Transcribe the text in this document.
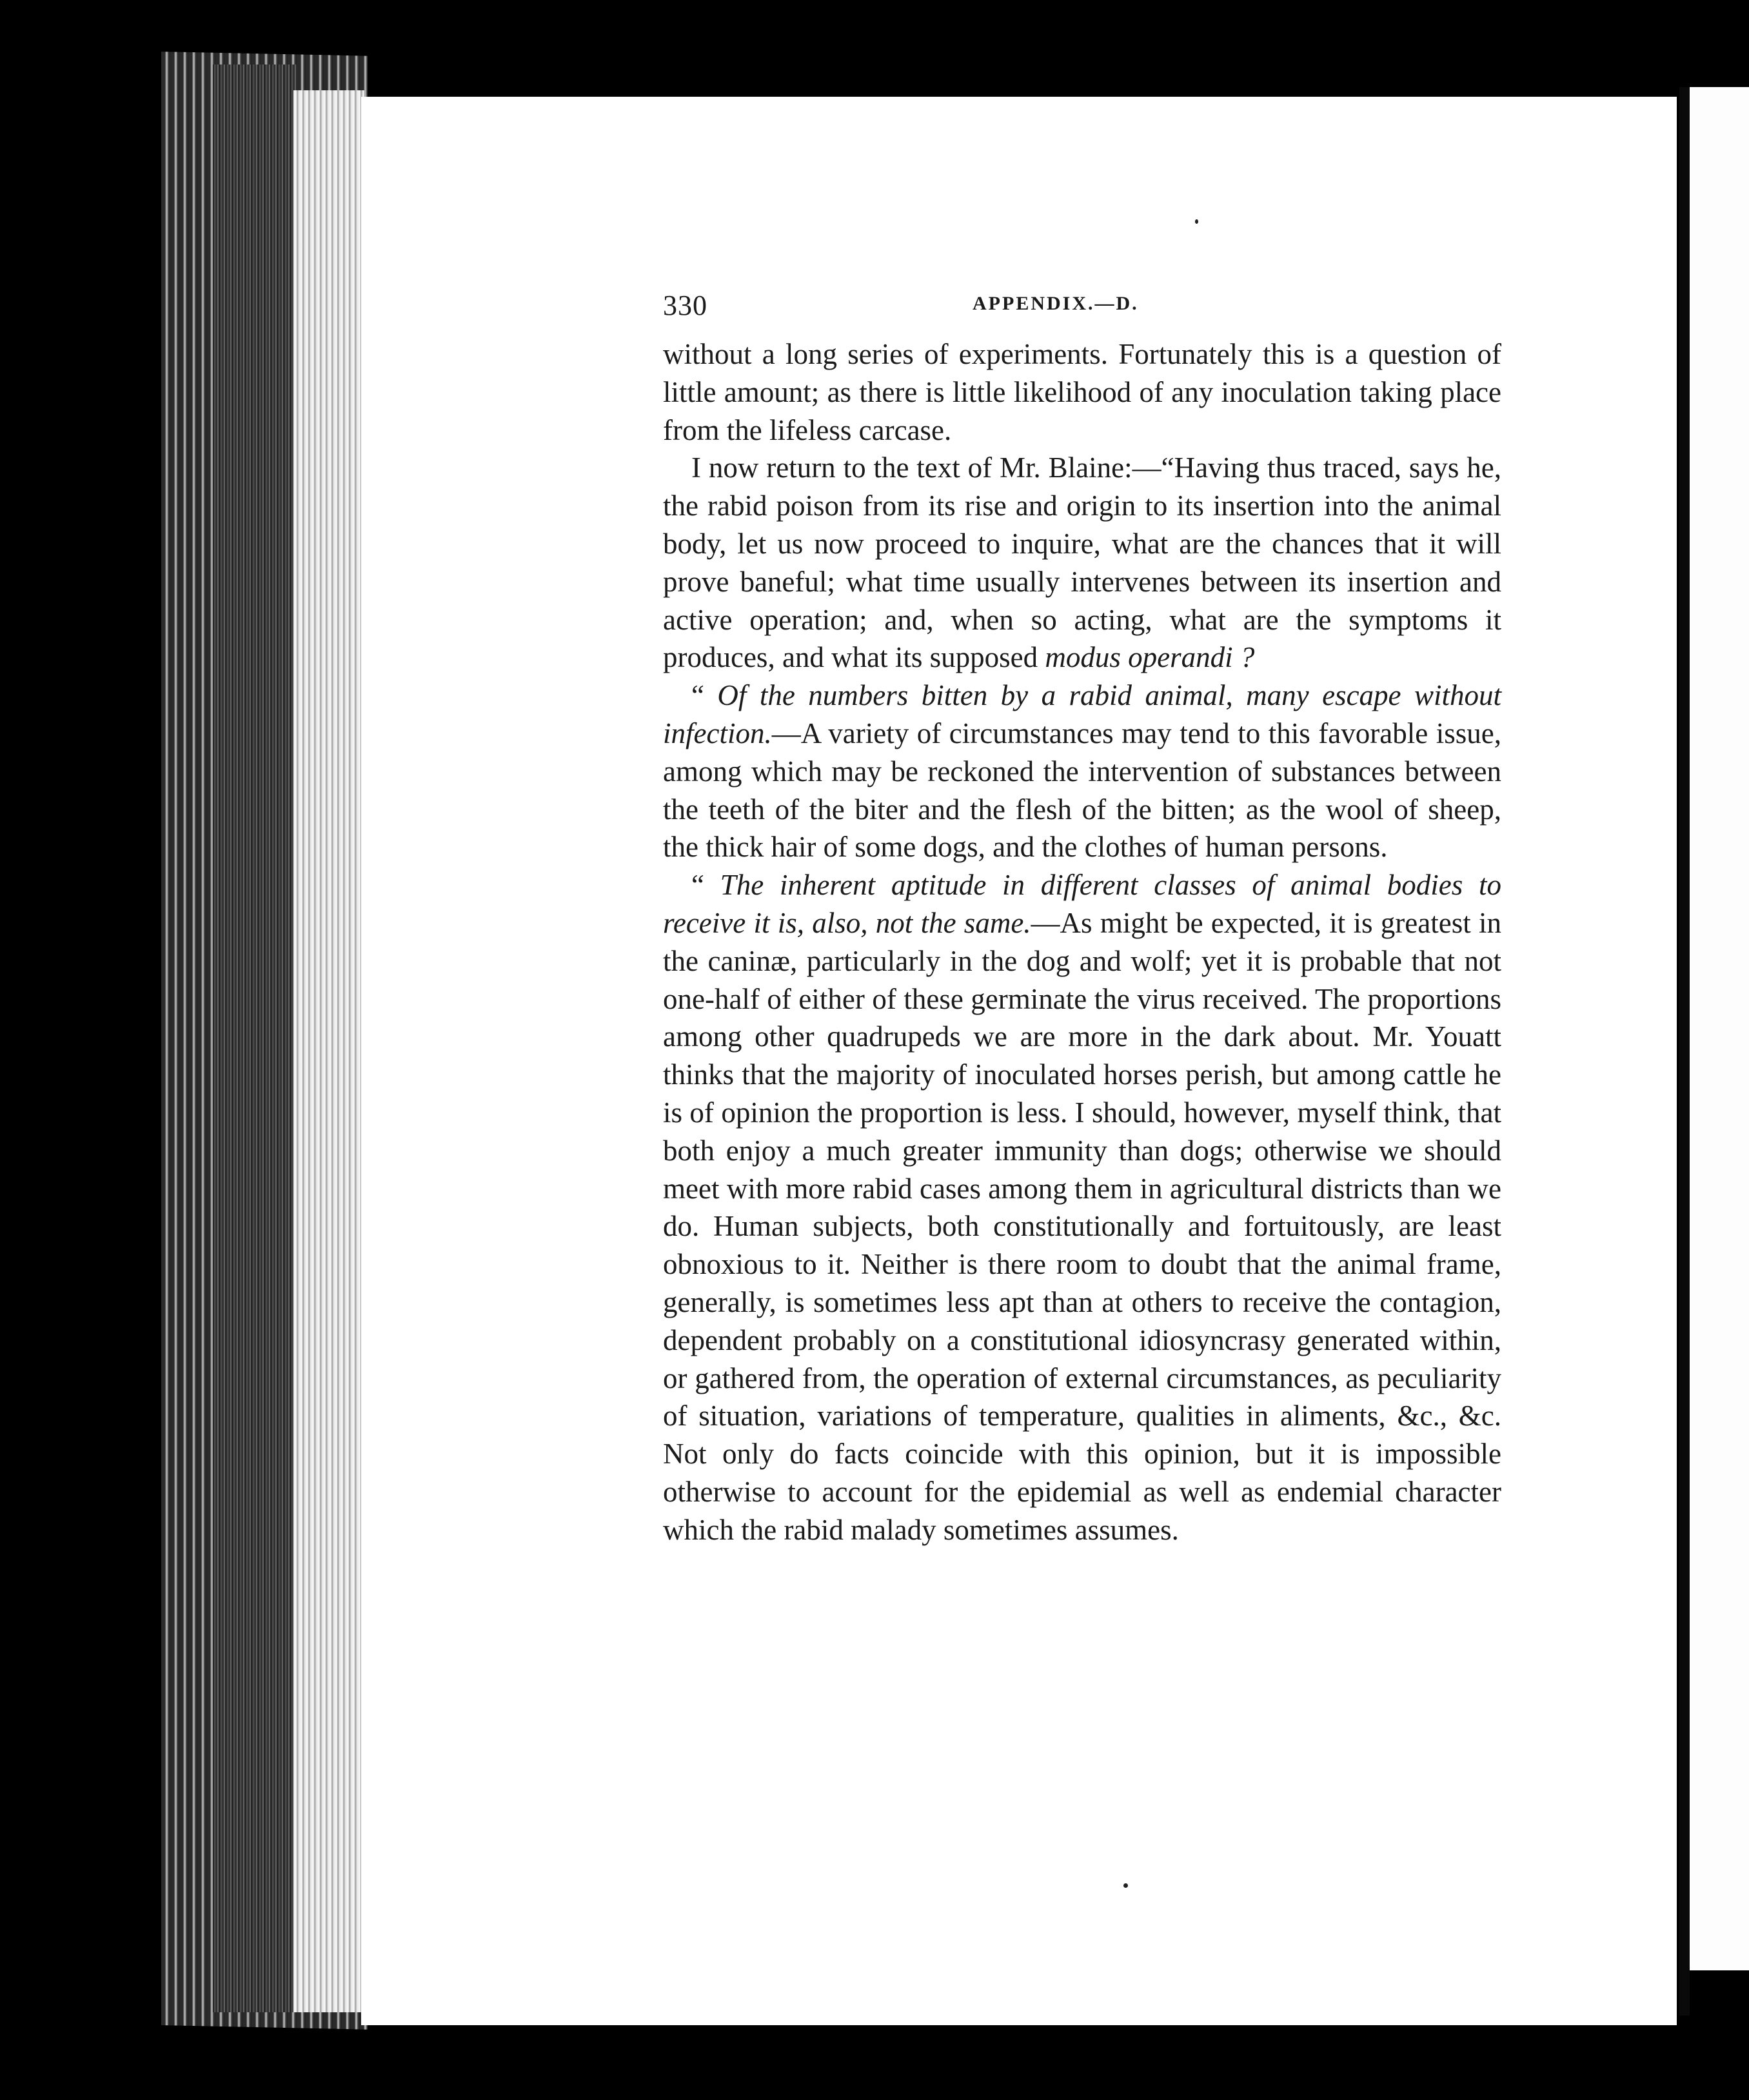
330	APPENDIX.—D.

without a long series of experiments. Fortunately this is a question of little amount; as there is little likelihood of any inoculation taking place from the lifeless carcase.

I now return to the text of Mr. Blaine:—“Having thus traced, says he, the rabid poison from its rise and origin to its insertion into the animal body, let us now proceed to inquire, what are the chances that it will prove baneful; what time usually intervenes between its insertion and active operation; and, when so acting, what are the symptoms it produces, and what its supposed modus operandi ?

“ Of the numbers bitten by a rabid animal, many escape without infection.—A variety of circumstances may tend to this favorable issue, among which may be reckoned the intervention of substances between the teeth of the biter and the flesh of the bitten; as the wool of sheep, the thick hair of some dogs, and the clothes of human persons.

“ The inherent aptitude in different classes of animal bodies to receive it is, also, not the same.—As might be expected, it is greatest in the caninæ, particularly in the dog and wolf; yet it is probable that not one-half of either of these germinate the virus received. The proportions among other quadrupeds we are more in the dark about. Mr. Youatt thinks that the majority of inoculated horses perish, but among cattle he is of opinion the proportion is less. I should, however, myself think, that both enjoy a much greater immunity than dogs; otherwise we should meet with more rabid cases among them in agricultural districts than we do. Human subjects, both constitutionally and fortuitously, are least obnoxious to it. Neither is there room to doubt that the animal frame, generally, is sometimes less apt than at others to receive the contagion, dependent probably on a constitutional idiosyncrasy generated within, or gathered from, the operation of external circumstances, as peculiarity of situation, variations of temperature, qualities in aliments, &c., &c. Not only do facts coincide with this opinion, but it is impossible otherwise to account for the epidemial as well as endemial character which the rabid malady sometimes assumes.
